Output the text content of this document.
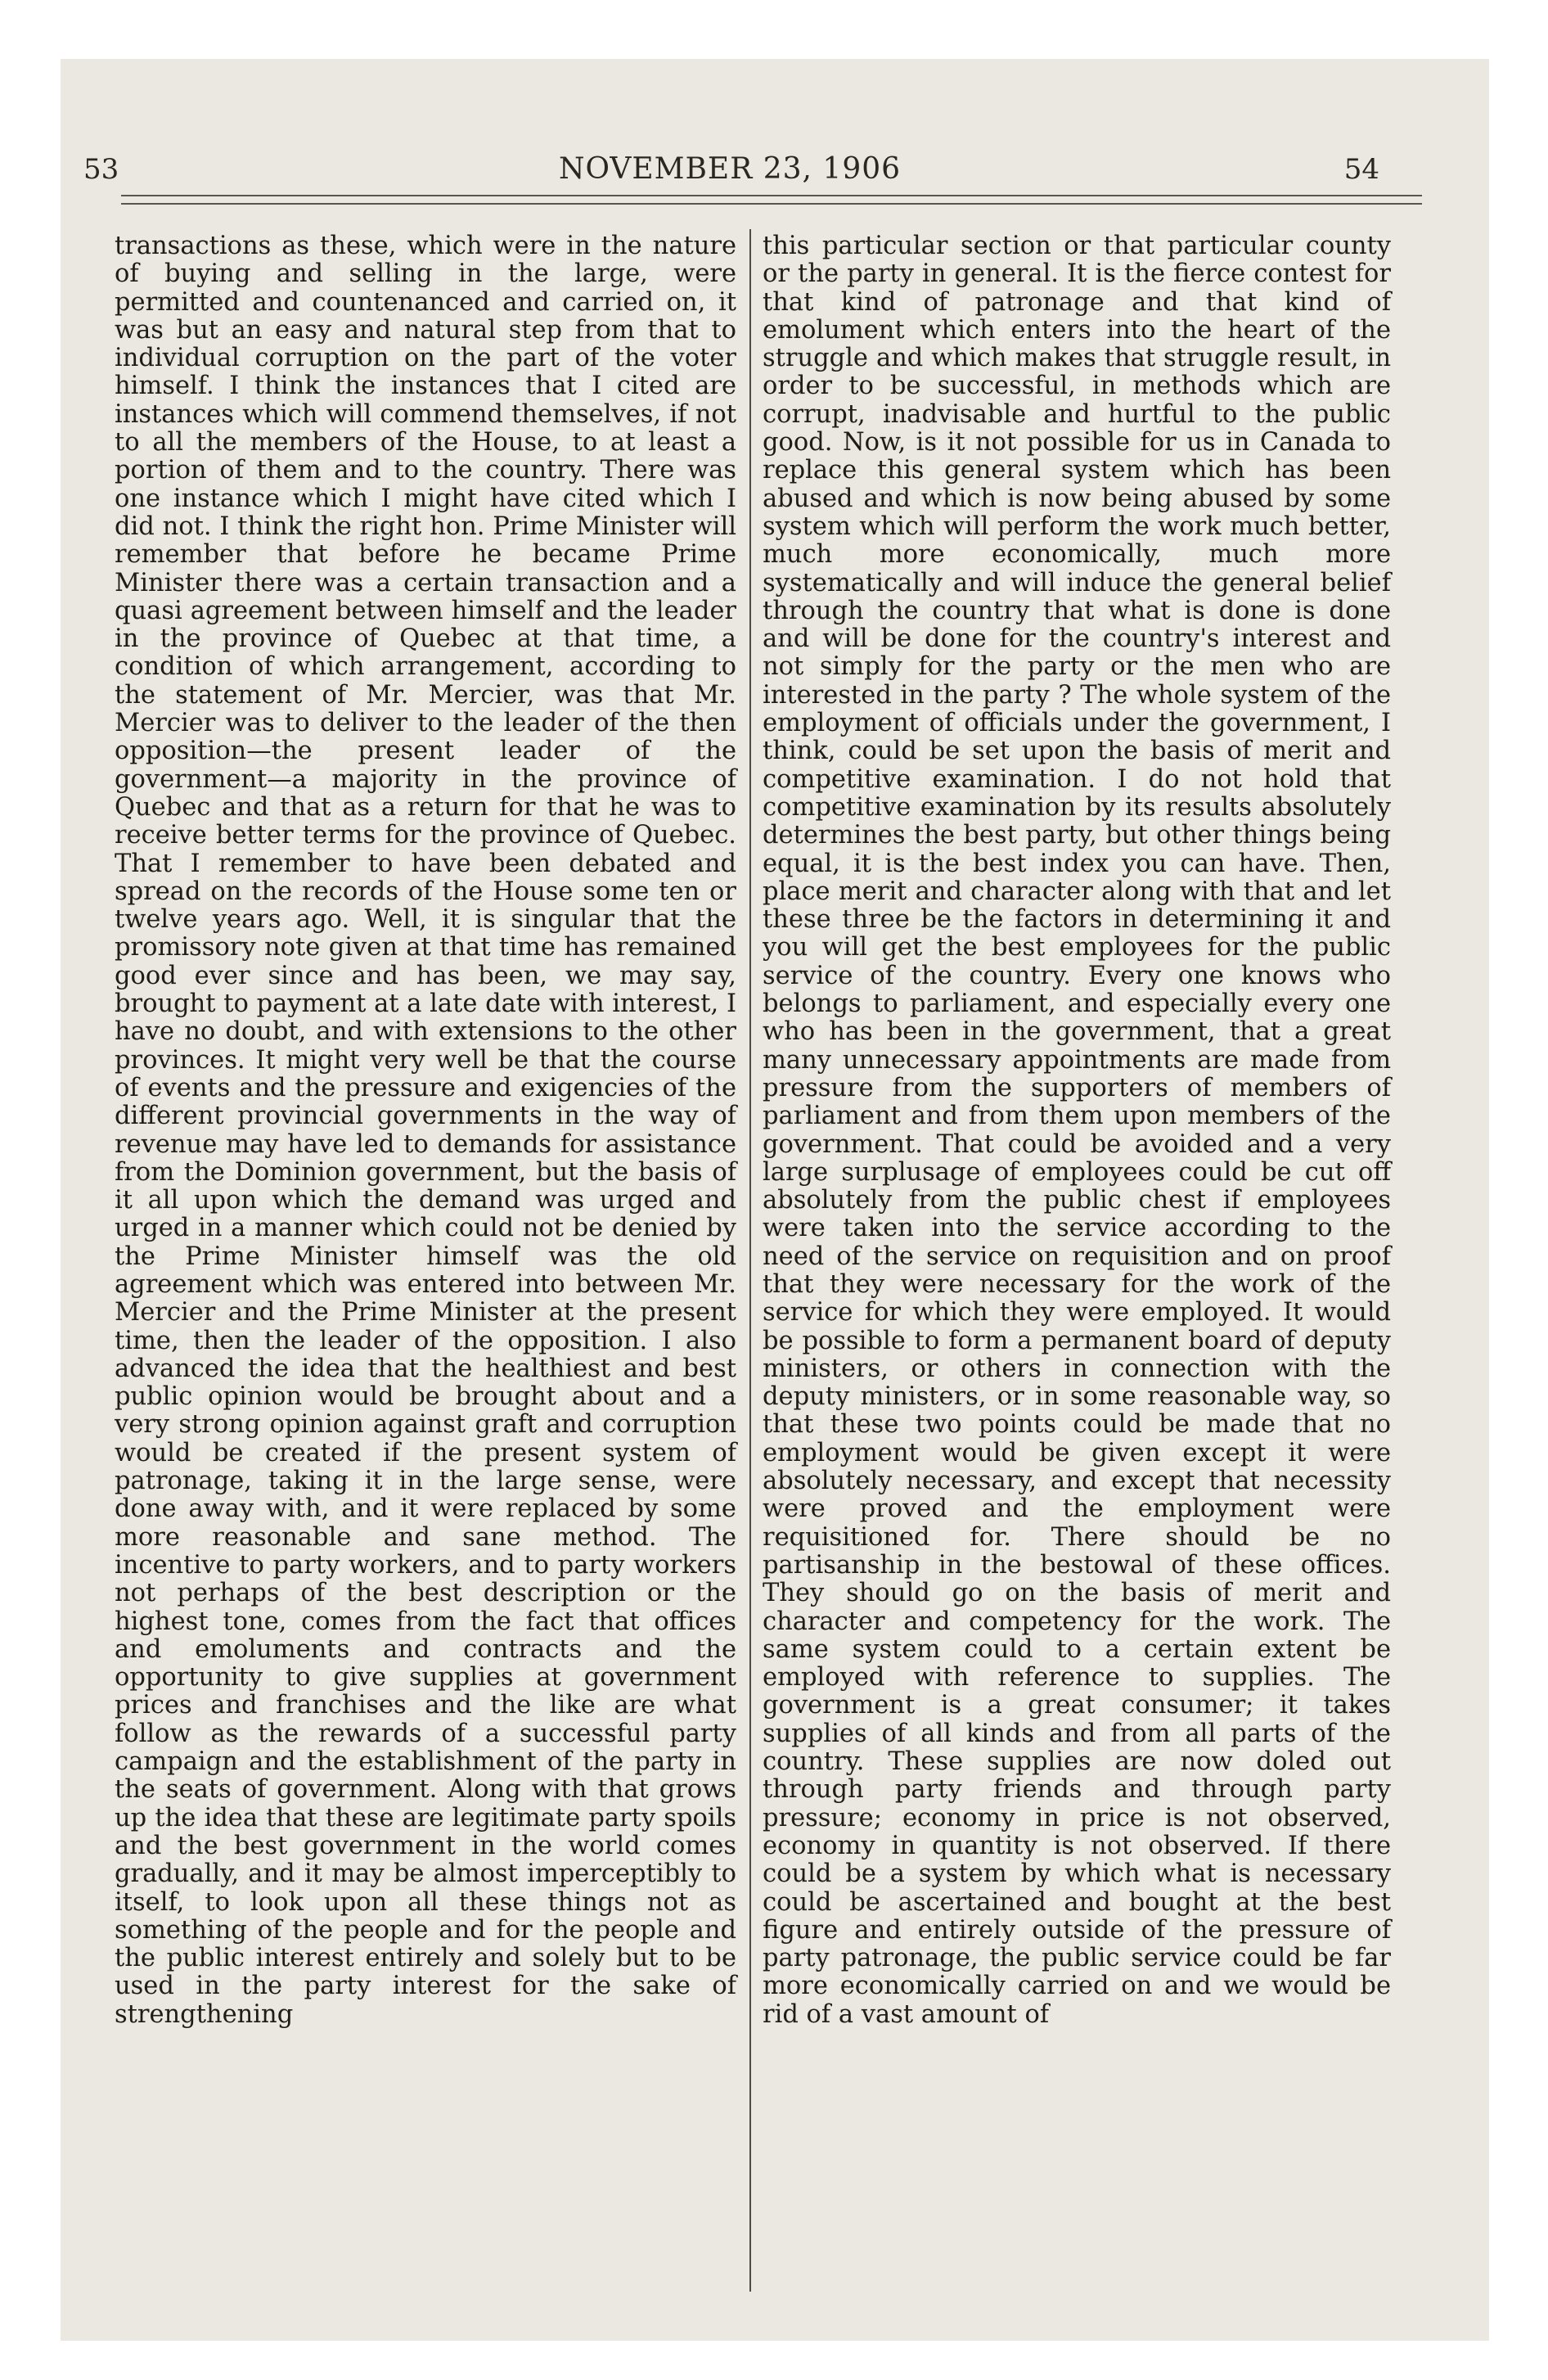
53	NOVEMBER 23, 1906	54

transactions as these, which were in the nature of buying and selling in the large, were permitted and countenanced and carried on, it was but an easy and natural step from that to individual corruption on the part of the voter himself. I think the instances that I cited are instances which will commend themselves, if not to all the members of the House, to at least a portion of them and to the country. There was one instance which I might have cited which I did not. I think the right hon. Prime Minister will remember that before he became Prime Minister there was a certain transaction and a quasi agreement between himself and the leader in the province of Quebec at that time, a condition of which arrangement, according to the statement of Mr. Mercier, was that Mr. Mercier was to deliver to the leader of the then opposition—the present leader of the government—a majority in the province of Quebec and that as a return for that he was to receive better terms for the province of Quebec. That I remember to have been debated and spread on the records of the House some ten or twelve years ago. Well, it is singular that the promissory note given at that time has remained good ever since and has been, we may say, brought to payment at a late date with interest, I have no doubt, and with extensions to the other provinces. It might very well be that the course of events and the pressure and exigencies of the different provincial governments in the way of revenue may have led to demands for assistance from the Dominion government, but the basis of it all upon which the demand was urged and urged in a manner which could not be denied by the Prime Minister himself was the old agreement which was entered into between Mr. Mercier and the Prime Minister at the present time, then the leader of the opposition. I also advanced the idea that the healthiest and best public opinion would be brought about and a very strong opinion against graft and corruption would be created if the present system of patronage, taking it in the large sense, were done away with, and it were replaced by some more reasonable and sane method. The incentive to party workers, and to party workers not perhaps of the best description or the highest tone, comes from the fact that offices and emoluments and contracts and the opportunity to give supplies at government prices and franchises and the like are what follow as the rewards of a successful party campaign and the establishment of the party in the seats of government. Along with that grows up the idea that these are legitimate party spoils and the best government in the world comes gradually, and it may be almost imperceptibly to itself, to look upon all these things not as something of the people and for the people and the public interest entirely and solely but to be used in the party interest for the sake of strengthening

this particular section or that particular county or the party in general. It is the fierce contest for that kind of patronage and that kind of emolument which enters into the heart of the struggle and which makes that struggle result, in order to be successful, in methods which are corrupt, inadvisable and hurtful to the public good. Now, is it not possible for us in Canada to replace this general system which has been abused and which is now being abused by some system which will perform the work much better, much more economically, much more systematically and will induce the general belief through the country that what is done is done and will be done for the country's interest and not simply for the party or the men who are interested in the party ? The whole system of the employment of officials under the government, I think, could be set upon the basis of merit and competitive examination. I do not hold that competitive examination by its results absolutely determines the best party, but other things being equal, it is the best index you can have. Then, place merit and character along with that and let these three be the factors in determining it and you will get the best employees for the public service of the country. Every one knows who belongs to parliament, and especially every one who has been in the government, that a great many unnecessary appointments are made from pressure from the supporters of members of parliament and from them upon members of the government. That could be avoided and a very large surplusage of employees could be cut off absolutely from the public chest if employees were taken into the service according to the need of the service on requisition and on proof that they were necessary for the work of the service for which they were employed. It would be possible to form a permanent board of deputy ministers, or others in connection with the deputy ministers, or in some reasonable way, so that these two points could be made that no employment would be given except it were absolutely necessary, and except that necessity were proved and the employment were requisitioned for. There should be no partisanship in the bestowal of these offices. They should go on the basis of merit and character and competency for the work. The same system could to a certain extent be employed with reference to supplies. The government is a great consumer; it takes supplies of all kinds and from all parts of the country. These supplies are now doled out through party friends and through party pressure; economy in price is not observed, economy in quantity is not observed. If there could be a system by which what is necessary could be ascertained and bought at the best figure and entirely outside of the pressure of party patronage, the public service could be far more economically carried on and we would be rid of a vast amount of
